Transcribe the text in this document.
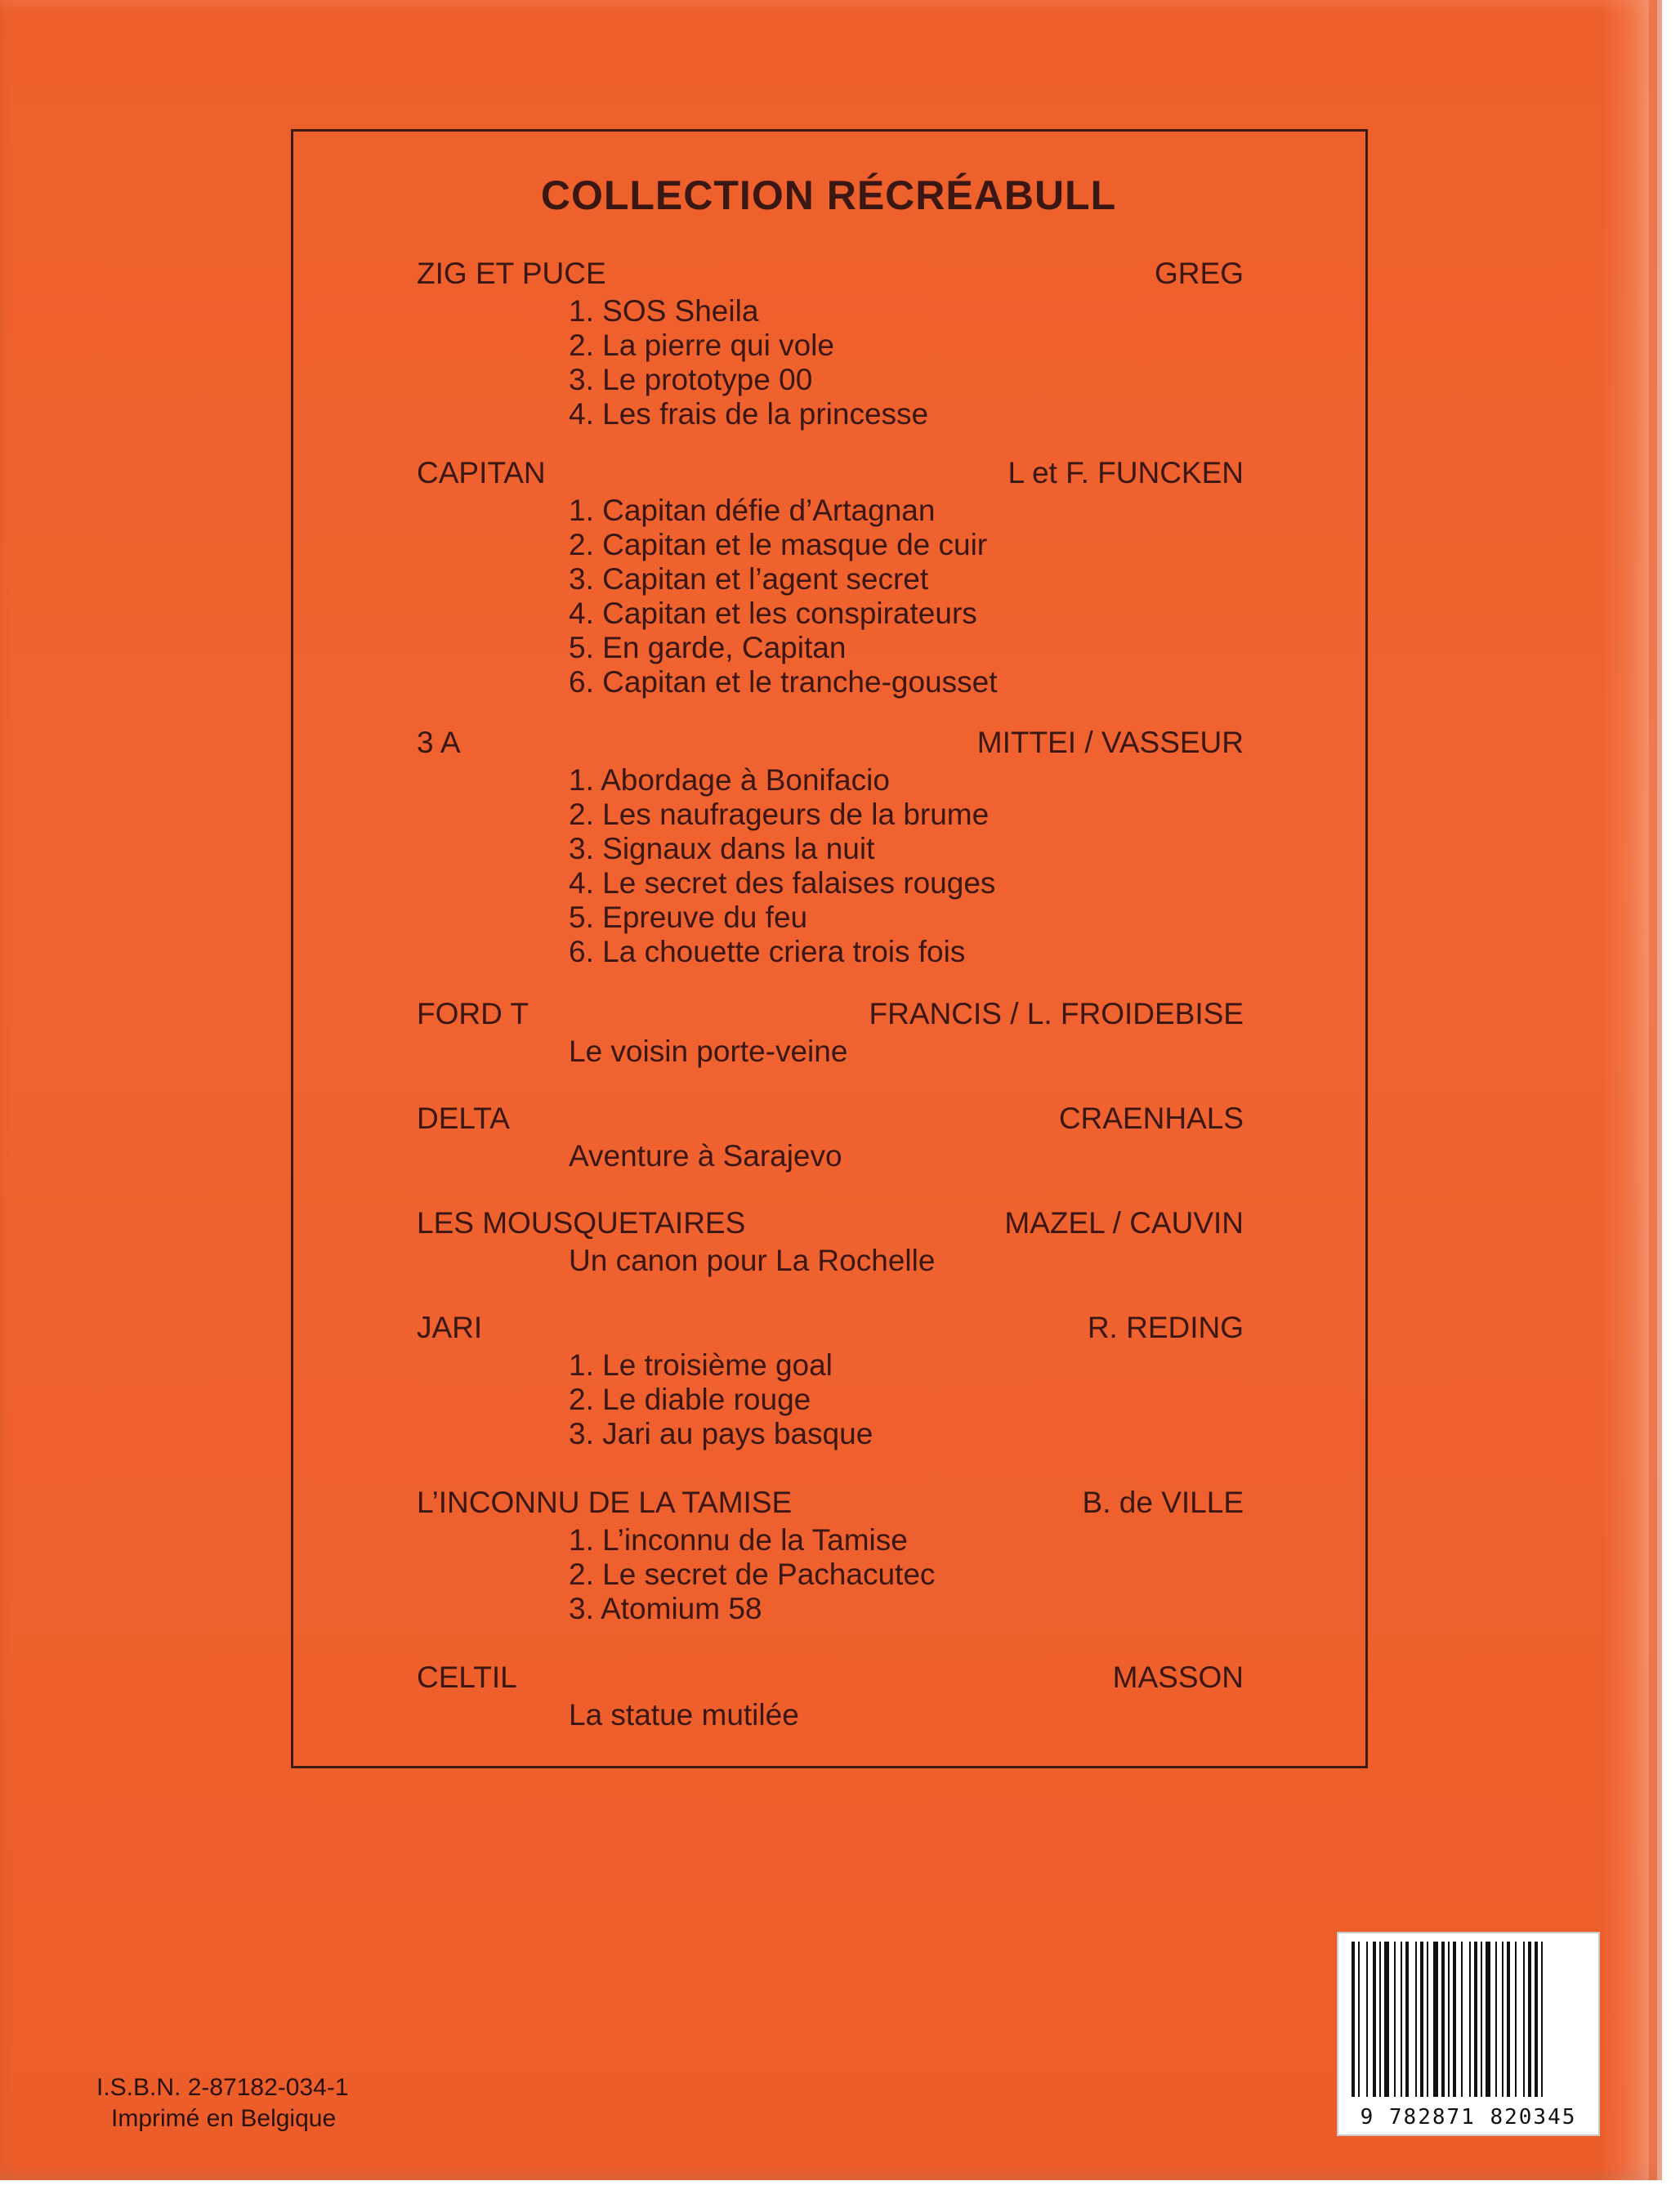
COLLECTION RÉCRÉABULL
ZIG ET PUCE	GREG
1. SOS Sheila
2. La pierre qui vole
3. Le prototype 00
4. Les frais de la princesse
CAPITAN	L et F. FUNCKEN
1. Capitan défie d’Artagnan
2. Capitan et le masque de cuir
3. Capitan et l’agent secret
4. Capitan et les conspirateurs
5. En garde, Capitan
6. Capitan et le tranche-gousset
3 A	MITTEI / VASSEUR
1. Abordage à Bonifacio
2. Les naufrageurs de la brume
3. Signaux dans la nuit
4. Le secret des falaises rouges
5. Epreuve du feu
6. La chouette criera trois fois
FORD T	FRANCIS / L. FROIDEBISE
Le voisin porte-veine
DELTA	CRAENHALS
Aventure à Sarajevo
LES MOUSQUETAIRES	MAZEL / CAUVIN
Un canon pour La Rochelle
JARI	R. REDING
1. Le troisième goal
2. Le diable rouge
3. Jari au pays basque
L’INCONNU DE LA TAMISE	B. de VILLE
1. L’inconnu de la Tamise
2. Le secret de Pachacutec
3. Atomium 58
CELTIL	MASSON
La statue mutilée
I.S.B.N. 2-87182-034-1
Imprimé en Belgique	9 782871 820345
